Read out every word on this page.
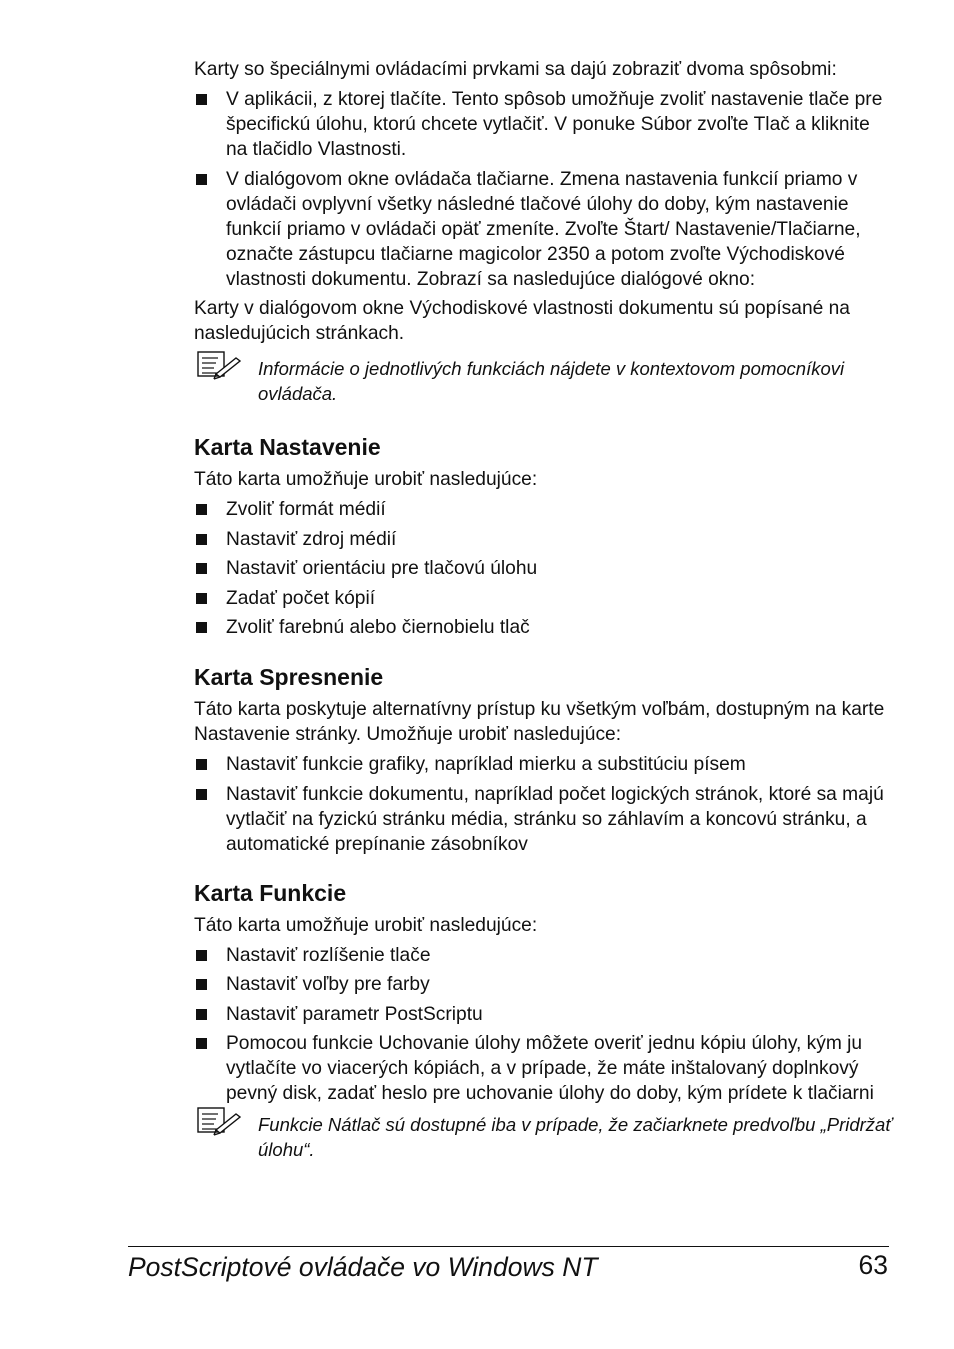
Karty so špeciálnymi ovládacími prvkami sa dajú zobraziť dvoma spôsobmi:

V aplikácii, z ktorej tlačíte. Tento spôsob umožňuje zvoliť nastavenie tlače pre špecifickú úlohu, ktorú chcete vytlačiť. V ponuke Súbor zvoľte Tlač a kliknite na tlačidlo Vlastnosti.
V dialógovom okne ovládača tlačiarne. Zmena nastavenia funkcií priamo v ovládači ovplyvní všetky následné tlačové úlohy do doby, kým nastavenie funkcií priamo v ovládači opäť zmeníte. Zvoľte Štart/ Nastavenie/Tlačiarne, označte zástupcu tlačiarne magicolor 2350 a potom zvoľte Východiskové vlastnosti dokumentu. Zobrazí sa nasledujúce dialógové okno:

Karty v dialógovom okne Východiskové vlastnosti dokumentu sú popísané na nasledujúcich stránkach.

Informácie o jednotlivých funkciách nájdete v kontextovom pomocníkovi ovládača.
Karta Nastavenie

Táto karta umožňuje urobiť nasledujúce:

Zvoliť formát médií
Nastaviť zdroj médií
Nastaviť orientáciu pre tlačovú úlohu
Zadať počet kópií
Zvoliť farebnú alebo čiernobielu tlač
Karta Spresnenie

Táto karta poskytuje alternatívny prístup ku všetkým voľbám, dostupným na karte Nastavenie stránky. Umožňuje urobiť nasledujúce:

Nastaviť funkcie grafiky, napríklad mierku a substitúciu písem
Nastaviť funkcie dokumentu, napríklad počet logických stránok, ktoré sa majú vytlačiť na fyzickú stránku média, stránku so záhlavím a koncovú stránku, a automatické prepínanie zásobníkov
Karta Funkcie

Táto karta umožňuje urobiť nasledujúce:

Nastaviť rozlíšenie tlače
Nastaviť voľby pre farby
Nastaviť parametr PostScriptu
Pomocou funkcie Uchovanie úlohy môžete overiť jednu kópiu úlohy, kým ju vytlačíte vo viacerých kópiách, a v prípade, že máte inštalovaný doplnkový pevný disk, zadať heslo pre uchovanie úlohy do doby, kým prídete k tlačiarni
Funkcie Nátlač sú dostupné iba v prípade, že začiarknete predvoľbu „Pridržať úlohu“.
PostScriptové ovládače vo Windows NT	63
